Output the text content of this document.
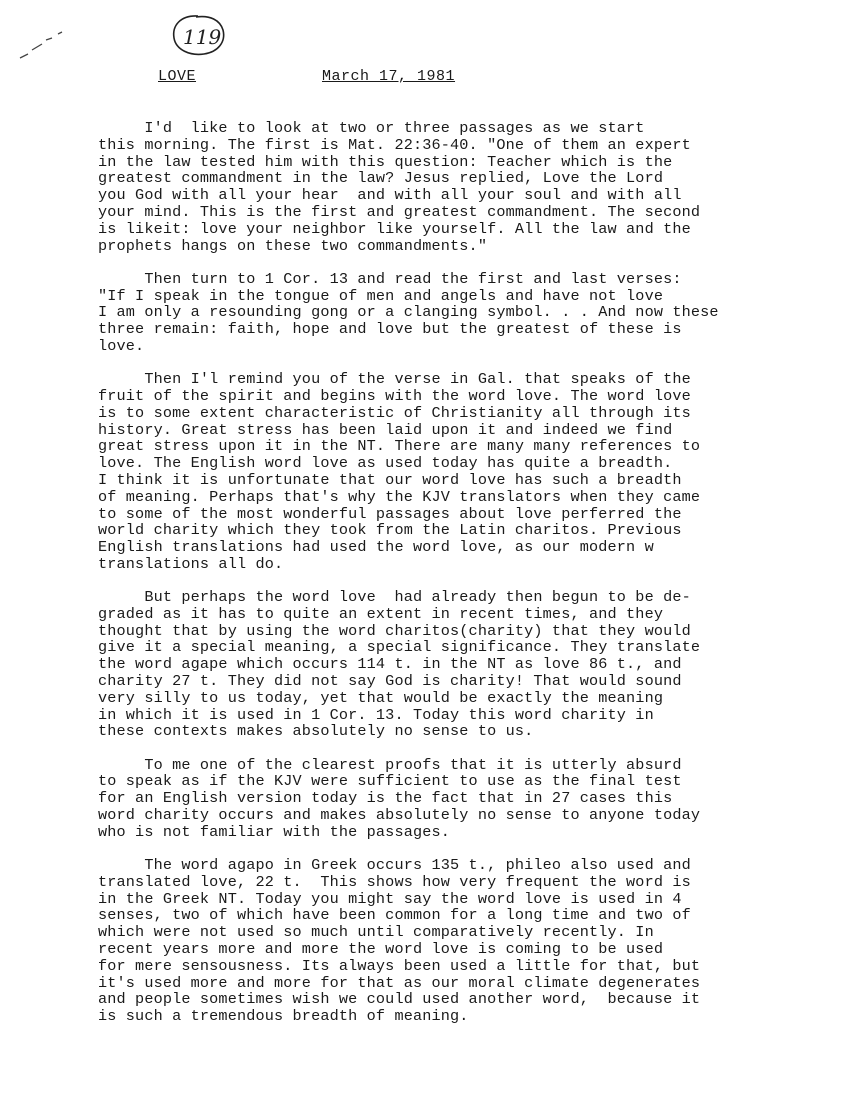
119
LOVE	March 17, 1981

I'd  like to look at two or three passages as we start
this morning. The first is Mat. 22:36-40. "One of them an expert
in the law tested him with this question: Teacher which is the
greatest commandment in the law? Jesus replied, Love the Lord
you God with all your hear  and with all your soul and with all
your mind. This is the first and greatest commandment. The second
is likeit: love your neighbor like yourself. All the law and the
prophets hangs on these two commandments."

Then turn to 1 Cor. 13 and read the first and last verses:
"If I speak in the tongue of men and angels and have not love
I am only a resounding gong or a clanging symbol. . . And now these
three remain: faith, hope and love but the greatest of these is
love.

Then I'l remind you of the verse in Gal. that speaks of the
fruit of the spirit and begins with the word love. The word love
is to some extent characteristic of Christianity all through its
history. Great stress has been laid upon it and indeed we find
great stress upon it in the NT. There are many many references to
love. The English word love as used today has quite a breadth.
I think it is unfortunate that our word love has such a breadth
of meaning. Perhaps that's why the KJV translators when they came
to some of the most wonderful passages about love perferred the
world charity which they took from the Latin charitos. Previous
English translations had used the word love, as our modern w
translations all do.

But perhaps the word love  had already then begun to be de-
graded as it has to quite an extent in recent times, and they
thought that by using the word charitos(charity) that they would
give it a special meaning, a special significance. They translate
the word agape which occurs 114 t. in the NT as love 86 t., and
charity 27 t. They did not say God is charity! That would sound
very silly to us today, yet that would be exactly the meaning
in which it is used in 1 Cor. 13. Today this word charity in
these contexts makes absolutely no sense to us.

To me one of the clearest proofs that it is utterly absurd
to speak as if the KJV were sufficient to use as the final test
for an English version today is the fact that in 27 cases this
word charity occurs and makes absolutely no sense to anyone today
who is not familiar with the passages.

The word agapo in Greek occurs 135 t., phileo also used and
translated love, 22 t.  This shows how very frequent the word is
in the Greek NT. Today you might say the word love is used in 4
senses, two of which have been common for a long time and two of
which were not used so much until comparatively recently. In
recent years more and more the word love is coming to be used
for mere sensousness. Its always been used a little for that, but
it's used more and more for that as our moral climate degenerates
and people sometimes wish we could used another word,  because it
is such a tremendous breadth of meaning.
